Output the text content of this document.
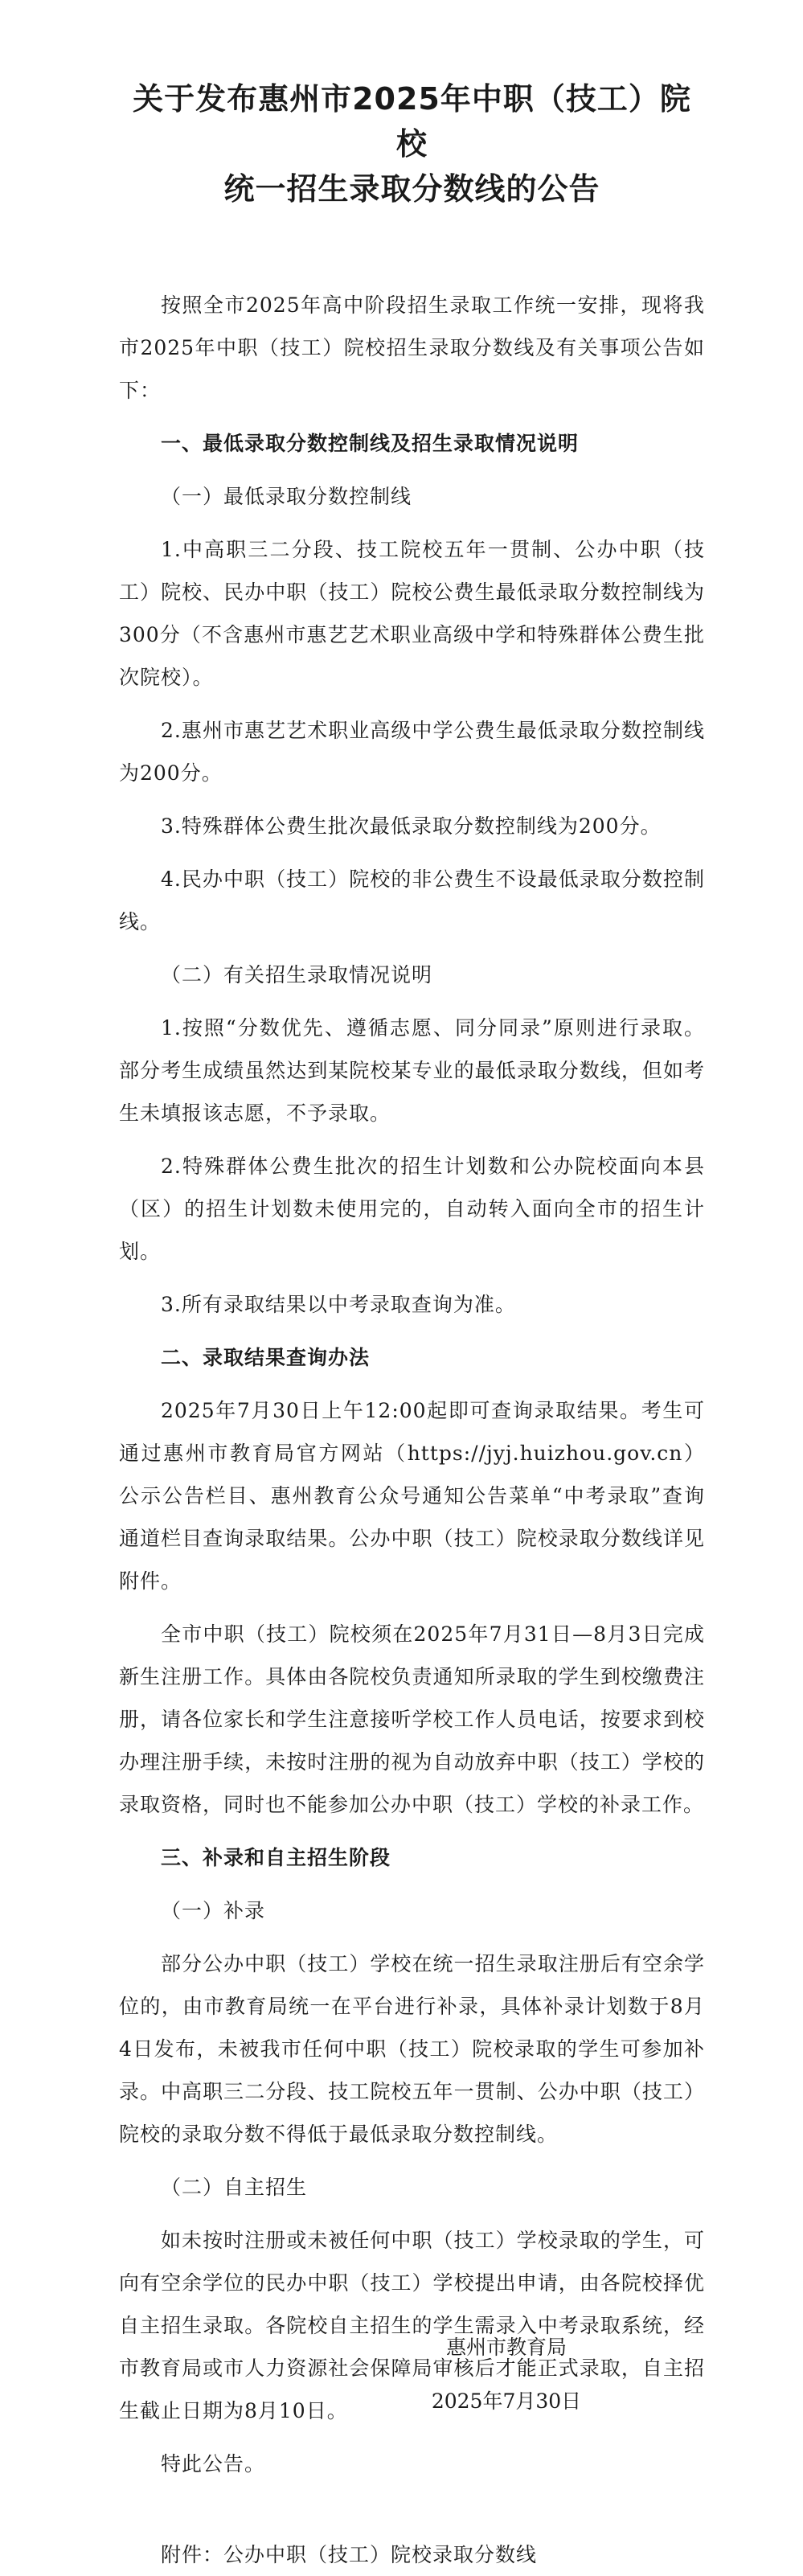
关于发布惠州市2025年中职（技工）院校
统一招生录取分数线的公告

按照全市2025年高中阶段招生录取工作统一安排，现将我市2025年中职（技工）院校招生录取分数线及有关事项公告如下：

一、最低录取分数控制线及招生录取情况说明

（一）最低录取分数控制线

1.中高职三二分段、技工院校五年一贯制、公办中职（技工）院校、民办中职（技工）院校公费生最低录取分数控制线为300分（不含惠州市惠艺艺术职业高级中学和特殊群体公费生批次院校）。

2.惠州市惠艺艺术职业高级中学公费生最低录取分数控制线为200分。

3.特殊群体公费生批次最低录取分数控制线为200分。

4.民办中职（技工）院校的非公费生不设最低录取分数控制线。

（二）有关招生录取情况说明

1.按照“分数优先、遵循志愿、同分同录”原则进行录取。部分考生成绩虽然达到某院校某专业的最低录取分数线，但如考生未填报该志愿，不予录取。

2.特殊群体公费生批次的招生计划数和公办院校面向本县（区）的招生计划数未使用完的，自动转入面向全市的招生计划。

3.所有录取结果以中考录取查询为准。

二、录取结果查询办法

2025年7月30日上午12:00起即可查询录取结果。考生可通过惠州市教育局官方网站（https://jyj.huizhou.gov.cn）公示公告栏目、惠州教育公众号通知公告菜单“中考录取”查询通道栏目查询录取结果。公办中职（技工）院校录取分数线详见附件。

全市中职（技工）院校须在2025年7月31日—8月3日完成新生注册工作。具体由各院校负责通知所录取的学生到校缴费注册，请各位家长和学生注意接听学校工作人员电话，按要求到校办理注册手续，未按时注册的视为自动放弃中职（技工）学校的录取资格，同时也不能参加公办中职（技工）学校的补录工作。

三、补录和自主招生阶段

（一）补录

部分公办中职（技工）学校在统一招生录取注册后有空余学位的，由市教育局统一在平台进行补录，具体补录计划数于8月4日发布，未被我市任何中职（技工）院校录取的学生可参加补录。中高职三二分段、技工院校五年一贯制、公办中职（技工）院校的录取分数不得低于最低录取分数控制线。

（二）自主招生

如未按时注册或未被任何中职（技工）学校录取的学生，可向有空余学位的民办中职（技工）学校提出申请，由各院校择优自主招生录取。各院校自主招生的学生需录入中考录取系统，经市教育局或市人力资源社会保障局审核后才能正式录取，自主招生截止日期为8月10日。

特此公告。

附件：公办中职（技工）院校录取分数线

惠州市教育局
2025年7月30日
